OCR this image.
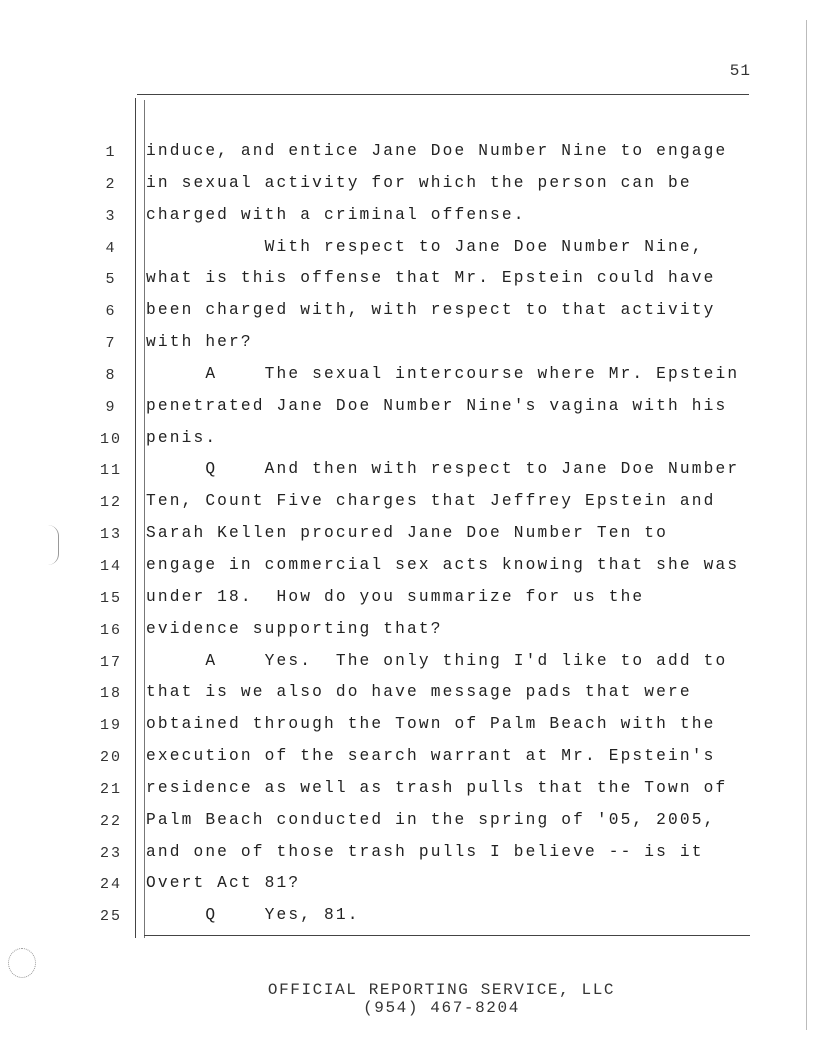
51
1	induce, and entice Jane Doe Number Nine to engage
2	in sexual activity for which the person can be
3	charged with a criminal offense.
4	With respect to Jane Doe Number Nine,
5	what is this offense that Mr. Epstein could have
6	been charged with, with respect to that activity
7	with her?
8	A    The sexual intercourse where Mr. Epstein
9	penetrated Jane Doe Number Nine's vagina with his
10 penis.
11 Q    And then with respect to Jane Doe Number
12 Ten, Count Five charges that Jeffrey Epstein and
13 Sarah Kellen procured Jane Doe Number Ten to
14 engage in commercial sex acts knowing that she was
15 under 18.  How do you summarize for us the
16 evidence supporting that?
17 A    Yes.  The only thing I'd like to add to
18 that is we also do have message pads that were
19 obtained through the Town of Palm Beach with the
20 execution of the search warrant at Mr. Epstein's
21 residence as well as trash pulls that the Town of
22 Palm Beach conducted in the spring of '05, 2005,
23 and one of those trash pulls I believe -- is it
24 Overt Act 81?
25 Q    Yes, 81.
OFFICIAL REPORTING SERVICE, LLC
(954) 467-8204
